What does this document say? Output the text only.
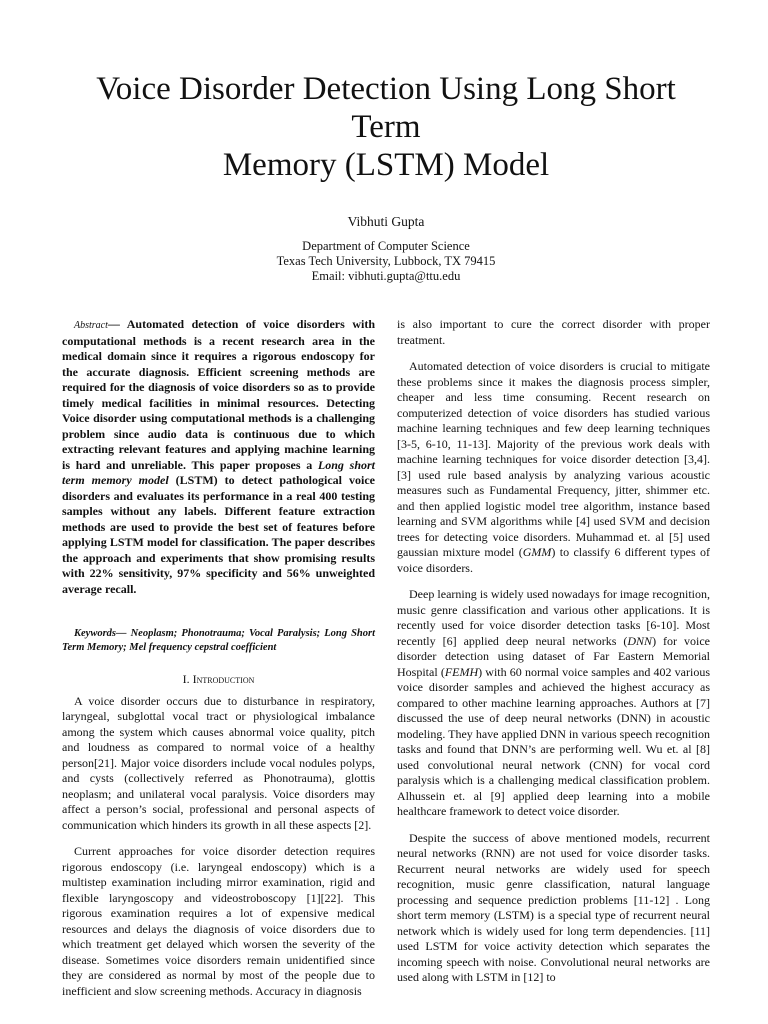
Voice Disorder Detection Using Long Short Term
Memory (LSTM) Model
Vibhuti Gupta
Department of Computer Science
Texas Tech University, Lubbock, TX 79415
Email: vibhuti.gupta@ttu.edu

Abstract— Automated detection of voice disorders with computational methods is a recent research area in the medical domain since it requires a rigorous endoscopy for the accurate diagnosis. Efficient screening methods are required for the diagnosis of voice disorders so as to provide timely medical facilities in minimal resources. Detecting Voice disorder using computational methods is a challenging problem since audio data is continuous due to which extracting relevant features and applying machine learning is hard and unreliable. This paper proposes a Long short term memory model (LSTM) to detect pathological voice disorders and evaluates its performance in a real 400 testing samples without any labels. Different feature extraction methods are used to provide the best set of features before applying LSTM model for classification. The paper describes the approach and experiments that show promising results with 22% sensitivity, 97% specificity and 56% unweighted average recall.

Keywords— Neoplasm; Phonotrauma; Vocal Paralysis; Long Short Term Memory; Mel frequency cepstral coefficient
I. Introduction

A voice disorder occurs due to disturbance in respiratory, laryngeal, subglottal vocal tract or physiological imbalance among the system which causes abnormal voice quality, pitch and loudness as compared to normal voice of a healthy person[21]. Major voice disorders include vocal nodules polyps, and cysts (collectively referred as Phonotrauma), glottis neoplasm; and unilateral vocal paralysis. Voice disorders may affect a person’s social, professional and personal aspects of communication which hinders its growth in all these aspects [2].

Current approaches for voice disorder detection requires rigorous endoscopy (i.e. laryngeal endoscopy) which is a multistep examination including mirror examination, rigid and flexible laryngoscopy and videostroboscopy [1][22]. This rigorous examination requires a lot of expensive medical resources and delays the diagnosis of voice disorders due to which treatment get delayed which worsen the severity of the disease. Sometimes voice disorders remain unidentified since they are considered as normal by most of the people due to inefficient and slow screening methods. Accuracy in diagnosis

is also important to cure the correct disorder with proper treatment.

Automated detection of voice disorders is crucial to mitigate these problems since it makes the diagnosis process simpler, cheaper and less time consuming. Recent research on computerized detection of voice disorders has studied various machine learning techniques and few deep learning techniques [3-5, 6-10, 11-13]. Majority of the previous work deals with machine learning techniques for voice disorder detection [3,4]. [3] used rule based analysis by analyzing various acoustic measures such as Fundamental Frequency, jitter, shimmer etc. and then applied logistic model tree algorithm, instance based learning and SVM algorithms while [4] used SVM and decision trees for detecting voice disorders. Muhammad et. al [5] used gaussian mixture model (GMM) to classify 6 different types of voice disorders.

Deep learning is widely used nowadays for image recognition, music genre classification and various other applications. It is recently used for voice disorder detection tasks [6-10]. Most recently [6] applied deep neural networks (DNN) for voice disorder detection using dataset of Far Eastern Memorial Hospital (FEMH) with 60 normal voice samples and 402 various voice disorder samples and achieved the highest accuracy as compared to other machine learning approaches. Authors at [7] discussed the use of deep neural networks (DNN) in acoustic modeling. They have applied DNN in various speech recognition tasks and found that DNN’s are performing well. Wu et. al [8] used convolutional neural network (CNN) for vocal cord paralysis which is a challenging medical classification problem. Alhussein et. al [9] applied deep learning into a mobile healthcare framework to detect voice disorder.

Despite the success of above mentioned models, recurrent neural networks (RNN) are not used for voice disorder tasks. Recurrent neural networks are widely used for speech recognition, music genre classification, natural language processing and sequence prediction problems [11-12] . Long short term memory (LSTM) is a special type of recurrent neural network which is widely used for long term dependencies. [11] used LSTM for voice activity detection which separates the incoming speech with noise. Convolutional neural networks are used along with LSTM in [12] to
